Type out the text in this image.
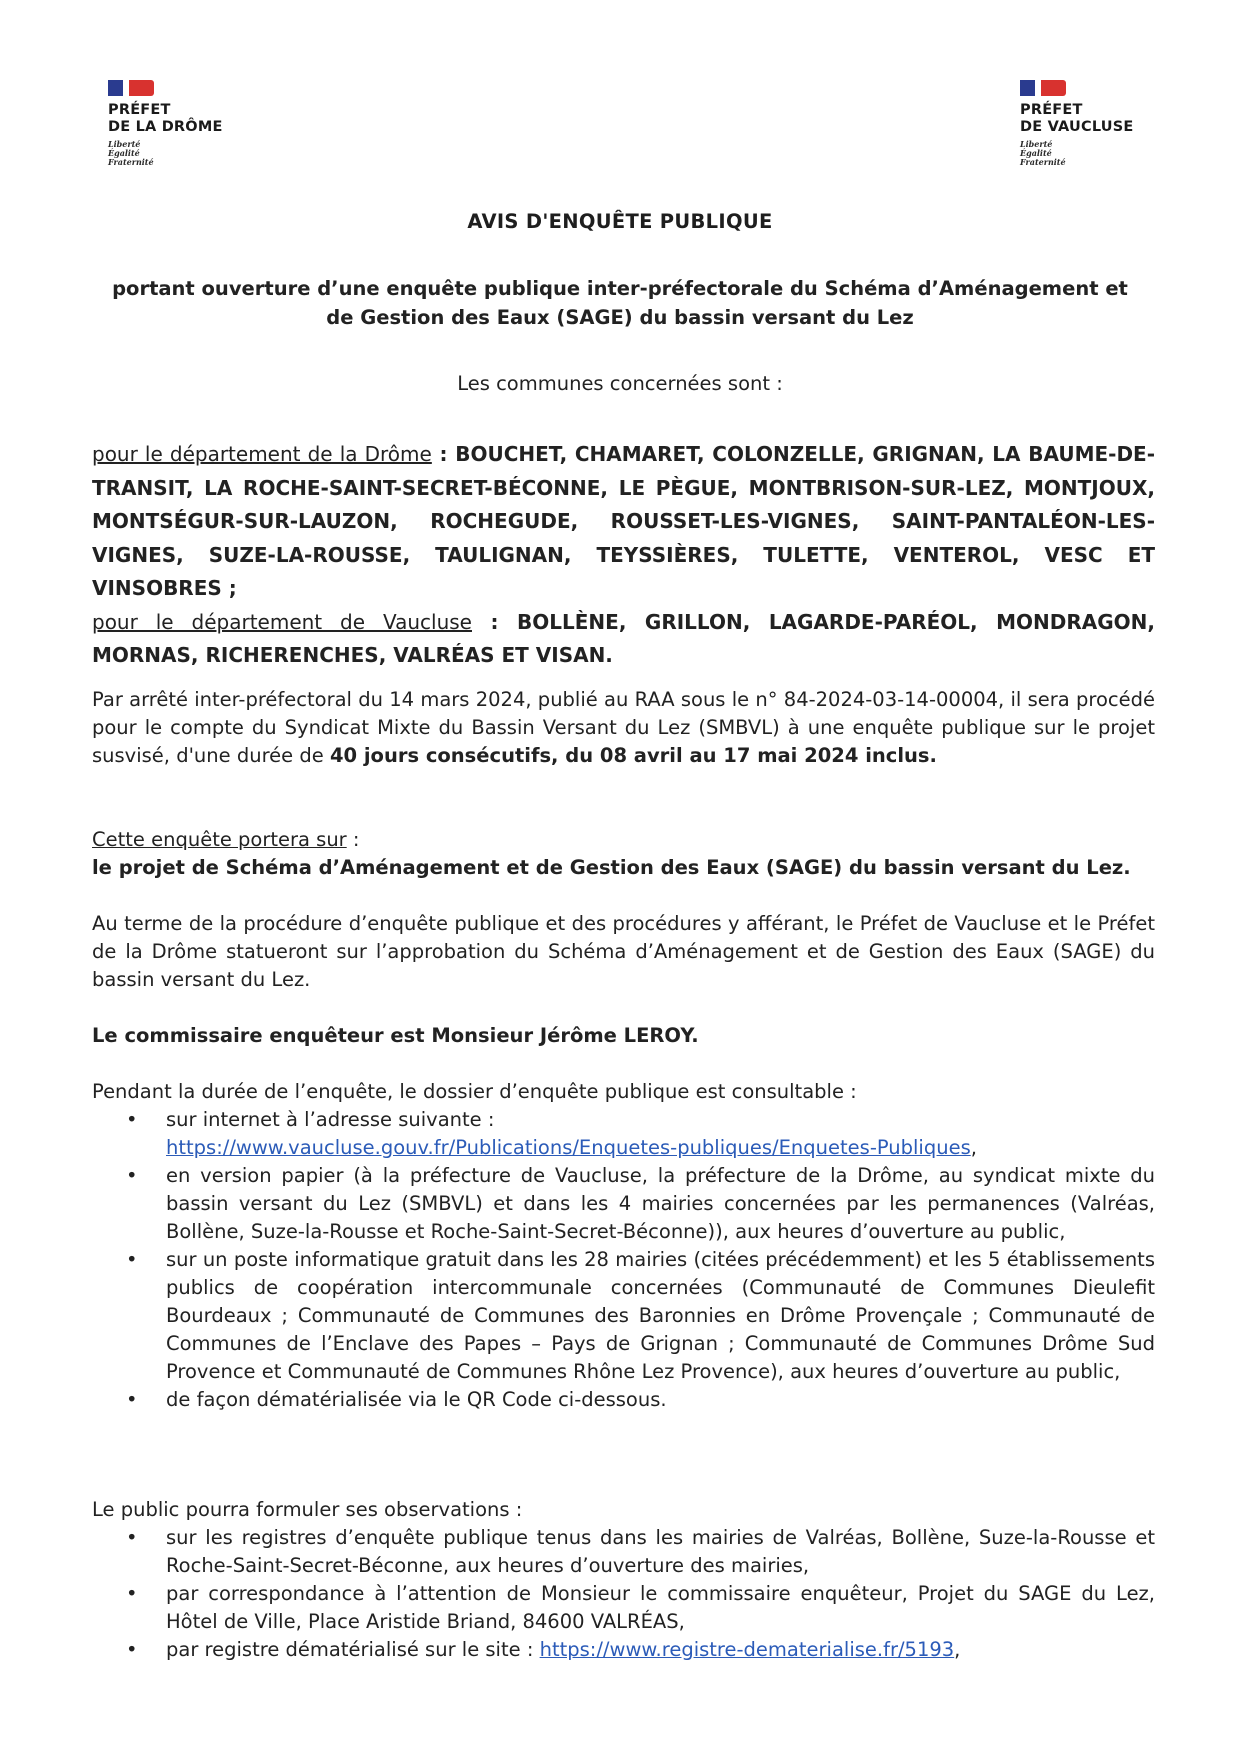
PRÉFET
DE LA DRÔME
Liberté
Égalité
Fraternité
PRÉFET
DE VAUCLUSE
Liberté
Égalité
Fraternité
AVIS D'ENQUÊTE PUBLIQUE
portant ouverture d’une enquête publique inter-préfectorale du Schéma d’Aménagement et
de Gestion des Eaux (SAGE) du bassin versant du Lez
Les communes concernées sont :
pour le département de la Drôme : BOUCHET, CHAMARET, COLONZELLE, GRIGNAN, LA BAUME-DE-TRANSIT, LA ROCHE-SAINT-SECRET-BÉCONNE, LE PÈGUE, MONTBRISON-SUR-LEZ, MONTJOUX, MONTSÉGUR-SUR-LAUZON, ROCHEGUDE, ROUSSET-LES-VIGNES, SAINT-PANTALÉON-LES-VIGNES, SUZE-LA-ROUSSE, TAULIGNAN, TEYSSIÈRES, TULETTE, VENTEROL, VESC ET VINSOBRES ;
pour le département de Vaucluse : BOLLÈNE, GRILLON, LAGARDE-PARÉOL, MONDRAGON, MORNAS, RICHERENCHES, VALRÉAS ET VISAN.
Par arrêté inter-préfectoral du 14 mars 2024, publié au RAA sous le n° 84-2024-03-14-00004, il sera procédé pour le compte du Syndicat Mixte du Bassin Versant du Lez (SMBVL) à une enquête publique sur le projet susvisé, d'une durée de 40 jours consécutifs, du 08 avril au 17 mai 2024 inclus.
Cette enquête portera sur :
le projet de Schéma d’Aménagement et de Gestion des Eaux (SAGE) du bassin versant du Lez.
Au terme de la procédure d’enquête publique et des procédures y afférant, le Préfet de Vaucluse et le Préfet de la Drôme statueront sur l’approbation du Schéma d’Aménagement et de Gestion des Eaux (SAGE) du bassin versant du Lez.
Le commissaire enquêteur est Monsieur Jérôme LEROY.
Pendant la durée de l’enquête, le dossier d’enquête publique est consultable :
• sur internet à l’adresse suivante :
https://www.vaucluse.gouv.fr/Publications/Enquetes-publiques/Enquetes-Publiques,
• en version papier (à la préfecture de Vaucluse, la préfecture de la Drôme, au syndicat mixte du bassin versant du Lez (SMBVL) et dans les 4 mairies concernées par les permanences (Valréas, Bollène, Suze-la-Rousse et Roche-Saint-Secret-Béconne)), aux heures d’ouverture au public,
• sur un poste informatique gratuit dans les 28 mairies (citées précédemment) et les 5 établissements publics de coopération intercommunale concernées (Communauté de Communes Dieulefit Bourdeaux ; Communauté de Communes des Baronnies en Drôme Provençale ; Communauté de Communes de l’Enclave des Papes – Pays de Grignan ; Communauté de Communes Drôme Sud Provence et Communauté de Communes Rhône Lez Provence), aux heures d’ouverture au public,
• de façon dématérialisée via le QR Code ci-dessous.
Le public pourra formuler ses observations :
• sur les registres d’enquête publique tenus dans les mairies de Valréas, Bollène, Suze-la-Rousse et Roche-Saint-Secret-Béconne, aux heures d’ouverture des mairies,
• par correspondance à l’attention de Monsieur le commissaire enquêteur, Projet du SAGE du Lez, Hôtel de Ville, Place Aristide Briand, 84600 VALRÉAS,
• par registre dématérialisé sur le site : https://www.registre-dematerialise.fr/5193,
